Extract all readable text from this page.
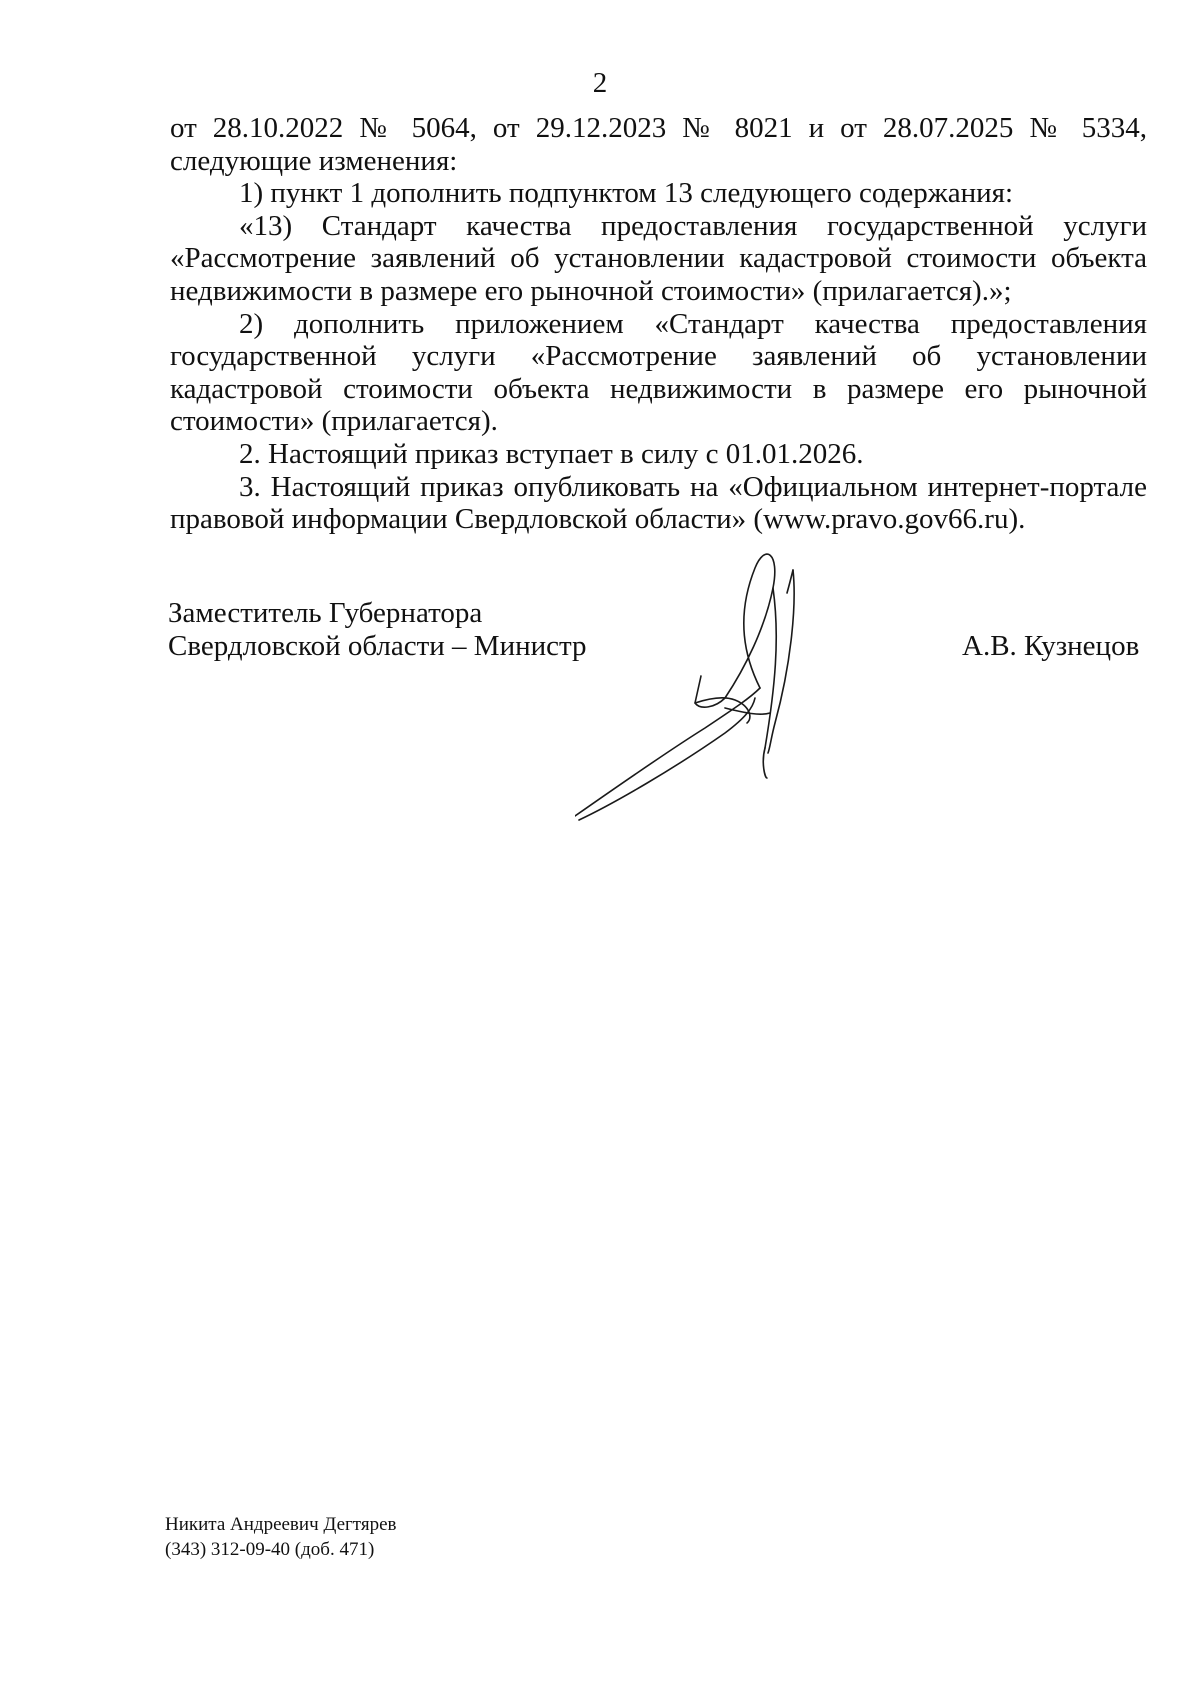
2

от 28.10.2022 № 5064, от 29.12.2023 № 8021 и от 28.07.2025 № 5334, следующие изменения:

1) пункт 1 дополнить подпунктом 13 следующего содержания:

«13) Стандарт качества предоставления государственной услуги «Рассмотрение заявлений об установлении кадастровой стоимости объекта недвижимости в размере его рыночной стоимости» (прилагается).»;

2) дополнить приложением «Стандарт качества предоставления государственной услуги «Рассмотрение заявлений об установлении кадастровой стоимости объекта недвижимости в размере его рыночной стоимости» (прилагается).

2. Настоящий приказ вступает в силу с 01.01.2026.

3. Настоящий приказ опубликовать на «Официальном интернет-портале правовой информации Свердловской области» (www.pravo.gov66.ru).

Заместитель Губернатора
Свердловской области – Министр	А.В. Кузнецов
Никита Андреевич Дегтярев
(343) 312-09-40 (доб. 471)
